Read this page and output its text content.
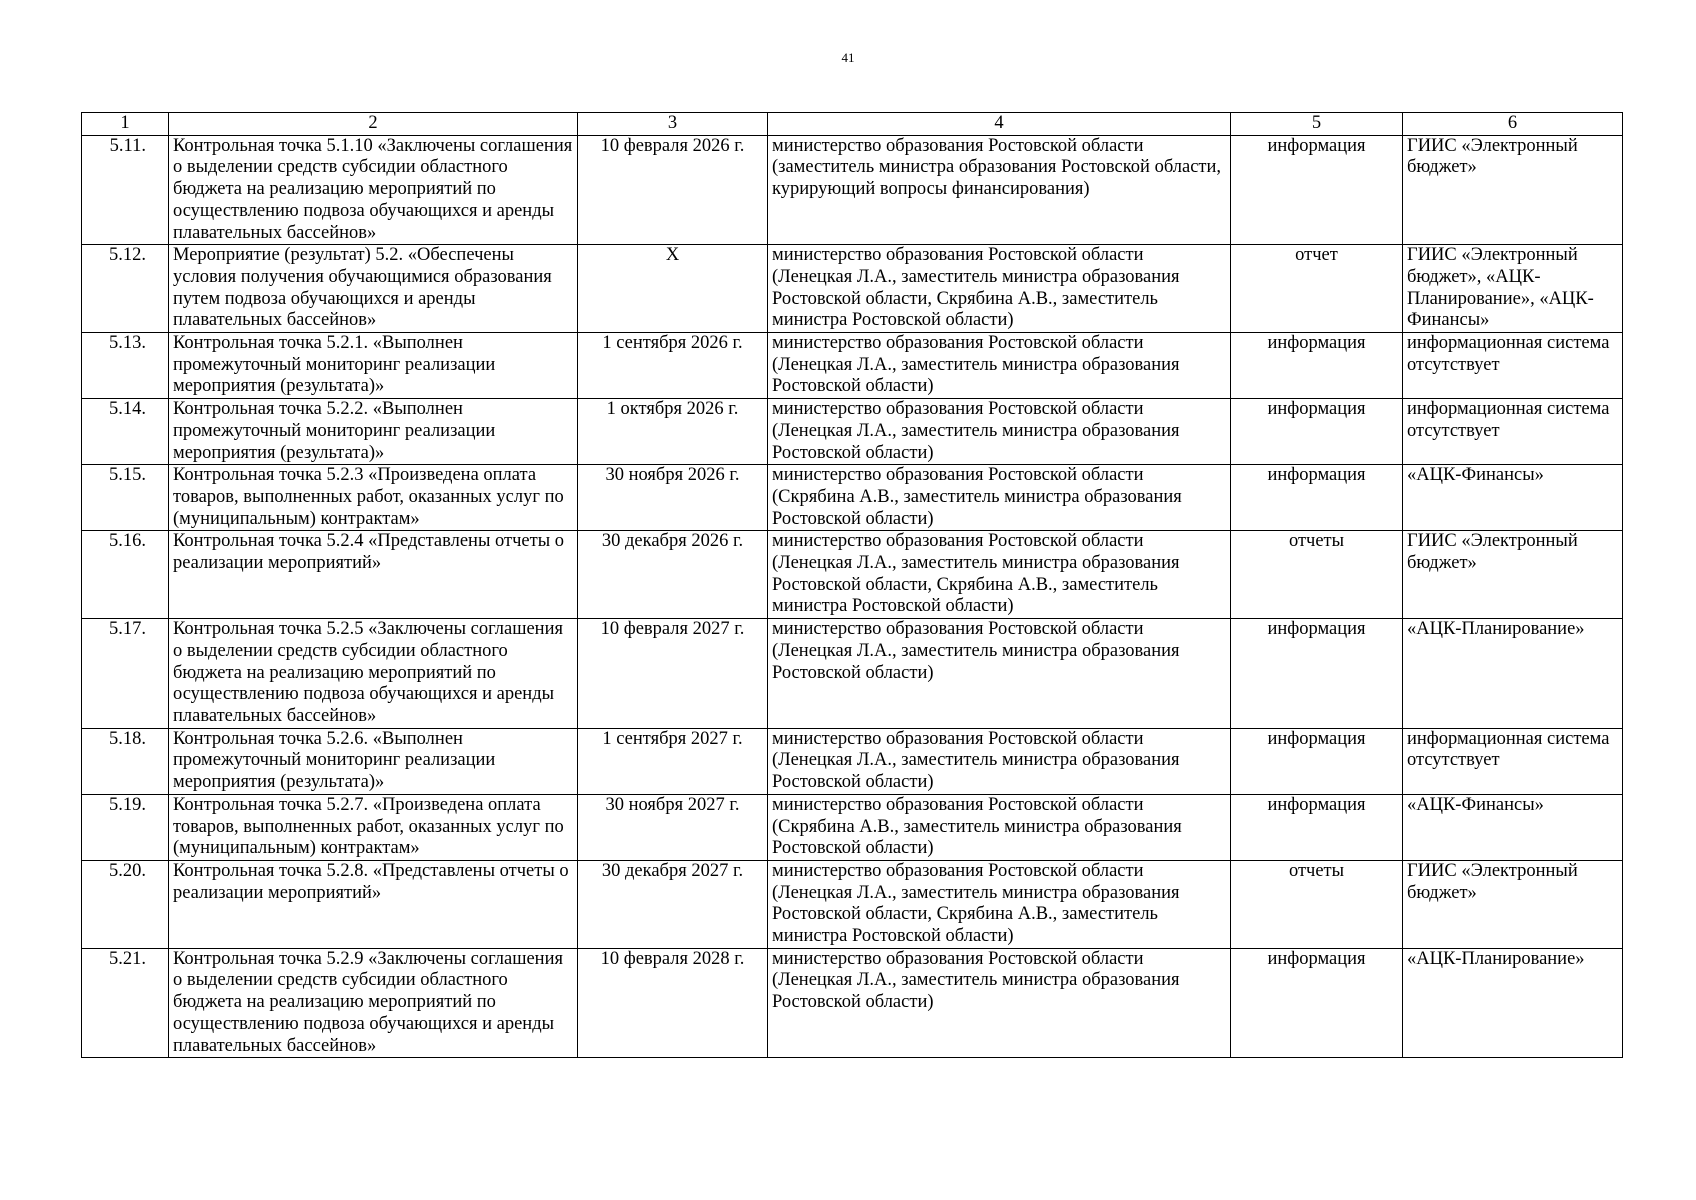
41
1	2	3	4	5	6
5.11.	Контрольная точка 5.1.10 «Заключены соглашения о выделении средств субсидии областного бюджета на реализацию мероприятий по осуществлению подвоза обучающихся и аренды плавательных бассейнов»	10 февраля 2026 г.	министерство образования Ростовской области (заместитель министра образования Ростовской области, курирующий вопросы финансирования)	информация	ГИИС «Электронный бюджет»
5.12.	Мероприятие (результат) 5.2. «Обеспечены условия получения обучающимися образования путем подвоза обучающихся и аренды плавательных бассейнов»	Х	министерство образования Ростовской области (Ленецкая Л.А., заместитель министра образования Ростовской области, Скрябина А.В., заместитель министра Ростовской области)	отчет	ГИИС «Электронный бюджет», «АЦК-Планирование», «АЦК-Финансы»
5.13.	Контрольная точка 5.2.1. «Выполнен промежуточный мониторинг реализации мероприятия (результата)»	1 сентября 2026 г.	министерство образования Ростовской области (Ленецкая Л.А., заместитель министра образования Ростовской области)	информация	информационная система отсутствует
5.14.	Контрольная точка 5.2.2. «Выполнен промежуточный мониторинг реализации мероприятия (результата)»	1 октября 2026 г.	министерство образования Ростовской области (Ленецкая Л.А., заместитель министра образования Ростовской области)	информация	информационная система отсутствует
5.15.	Контрольная точка 5.2.3 «Произведена оплата товаров, выполненных работ, оказанных услуг по (муниципальным) контрактам»	30 ноября 2026 г.	министерство образования Ростовской области (Скрябина А.В., заместитель министра образования Ростовской области)	информация	«АЦК-Финансы»
5.16.	Контрольная точка 5.2.4 «Представлены отчеты о реализации мероприятий»	30 декабря 2026 г.	министерство образования Ростовской области (Ленецкая Л.А., заместитель министра образования Ростовской области, Скрябина А.В., заместитель министра Ростовской области)	отчеты	ГИИС «Электронный бюджет»
5.17.	Контрольная точка 5.2.5 «Заключены соглашения о выделении средств субсидии областного бюджета на реализацию мероприятий по осуществлению подвоза обучающихся и аренды плавательных бассейнов»	10 февраля 2027 г.	министерство образования Ростовской области (Ленецкая Л.А., заместитель министра образования Ростовской области)	информация	«АЦК-Планирование»
5.18.	Контрольная точка 5.2.6. «Выполнен промежуточный мониторинг реализации мероприятия (результата)»	1 сентября 2027 г.	министерство образования Ростовской области (Ленецкая Л.А., заместитель министра образования Ростовской области)	информация	информационная система отсутствует
5.19.	Контрольная точка 5.2.7. «Произведена оплата товаров, выполненных работ, оказанных услуг по (муниципальным) контрактам»	30 ноября 2027 г.	министерство образования Ростовской области (Скрябина А.В., заместитель министра образования Ростовской области)	информация	«АЦК-Финансы»
5.20.	Контрольная точка 5.2.8. «Представлены отчеты о реализации мероприятий»	30 декабря 2027 г.	министерство образования Ростовской области (Ленецкая Л.А., заместитель министра образования Ростовской области, Скрябина А.В., заместитель министра Ростовской области)	отчеты	ГИИС «Электронный бюджет»
5.21.	Контрольная точка 5.2.9 «Заключены соглашения о выделении средств субсидии областного бюджета на реализацию мероприятий по осуществлению подвоза обучающихся и аренды плавательных бассейнов»	10 февраля 2028 г.	министерство образования Ростовской области (Ленецкая Л.А., заместитель министра образования Ростовской области)	информация	«АЦК-Планирование»
